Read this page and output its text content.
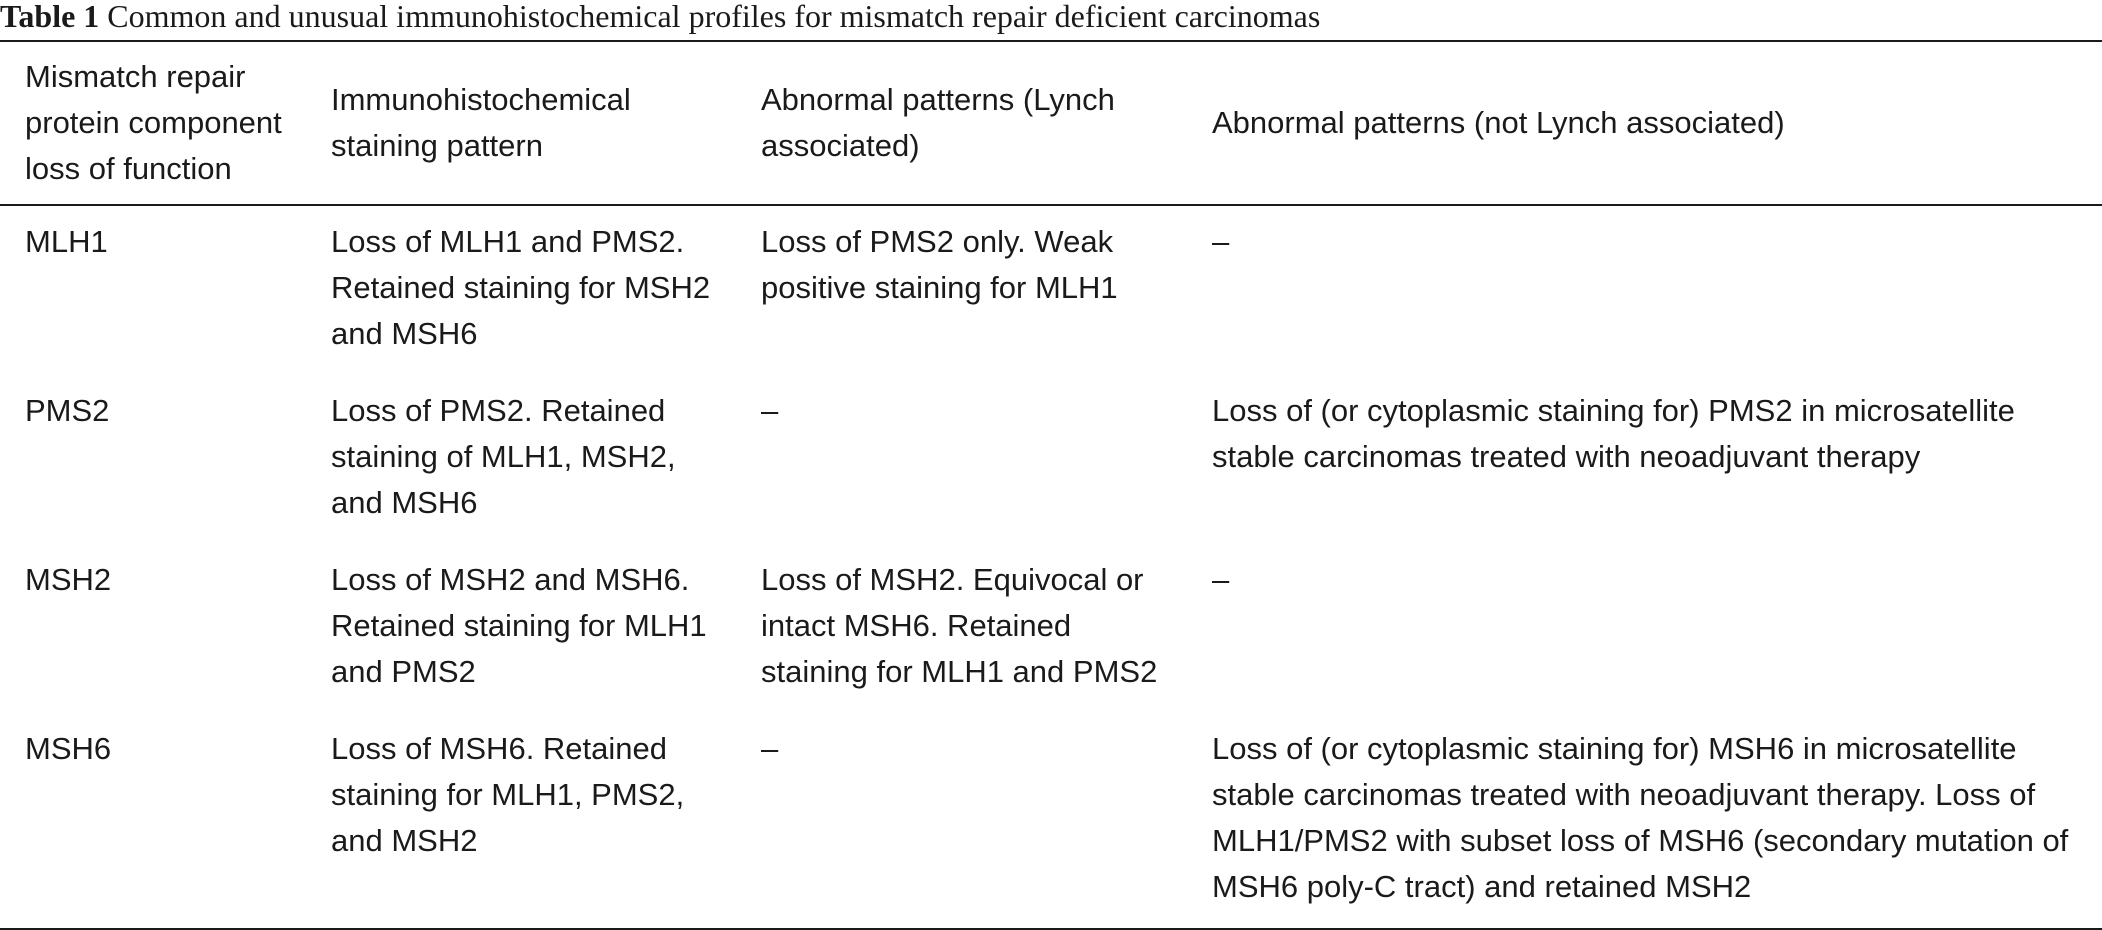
Table 1 Common and unusual immunohistochemical profiles for mismatch repair deficient carcinomas
Mismatch repair protein component loss of function	Immunohistochemical staining pattern	Abnormal patterns (Lynch associated)	Abnormal patterns (not Lynch associated)
MLH1	Loss of MLH1 and PMS2. Retained staining for MSH2 and MSH6	Loss of PMS2 only. Weak positive staining for MLH1	–
PMS2	Loss of PMS2. Retained staining of MLH1, MSH2, and MSH6	–	Loss of (or cytoplasmic staining for) PMS2 in microsatellite stable carcinomas treated with neoadjuvant therapy
MSH2	Loss of MSH2 and MSH6. Retained staining for MLH1 and PMS2	Loss of MSH2. Equivocal or intact MSH6. Retained staining for MLH1 and PMS2	–
MSH6	Loss of MSH6. Retained staining for MLH1, PMS2, and MSH2	–	Loss of (or cytoplasmic staining for) MSH6 in microsatellite stable carcinomas treated with neoadjuvant therapy. Loss of MLH1/PMS2 with subset loss of MSH6 (secondary mutation of MSH6 poly-C tract) and retained MSH2
